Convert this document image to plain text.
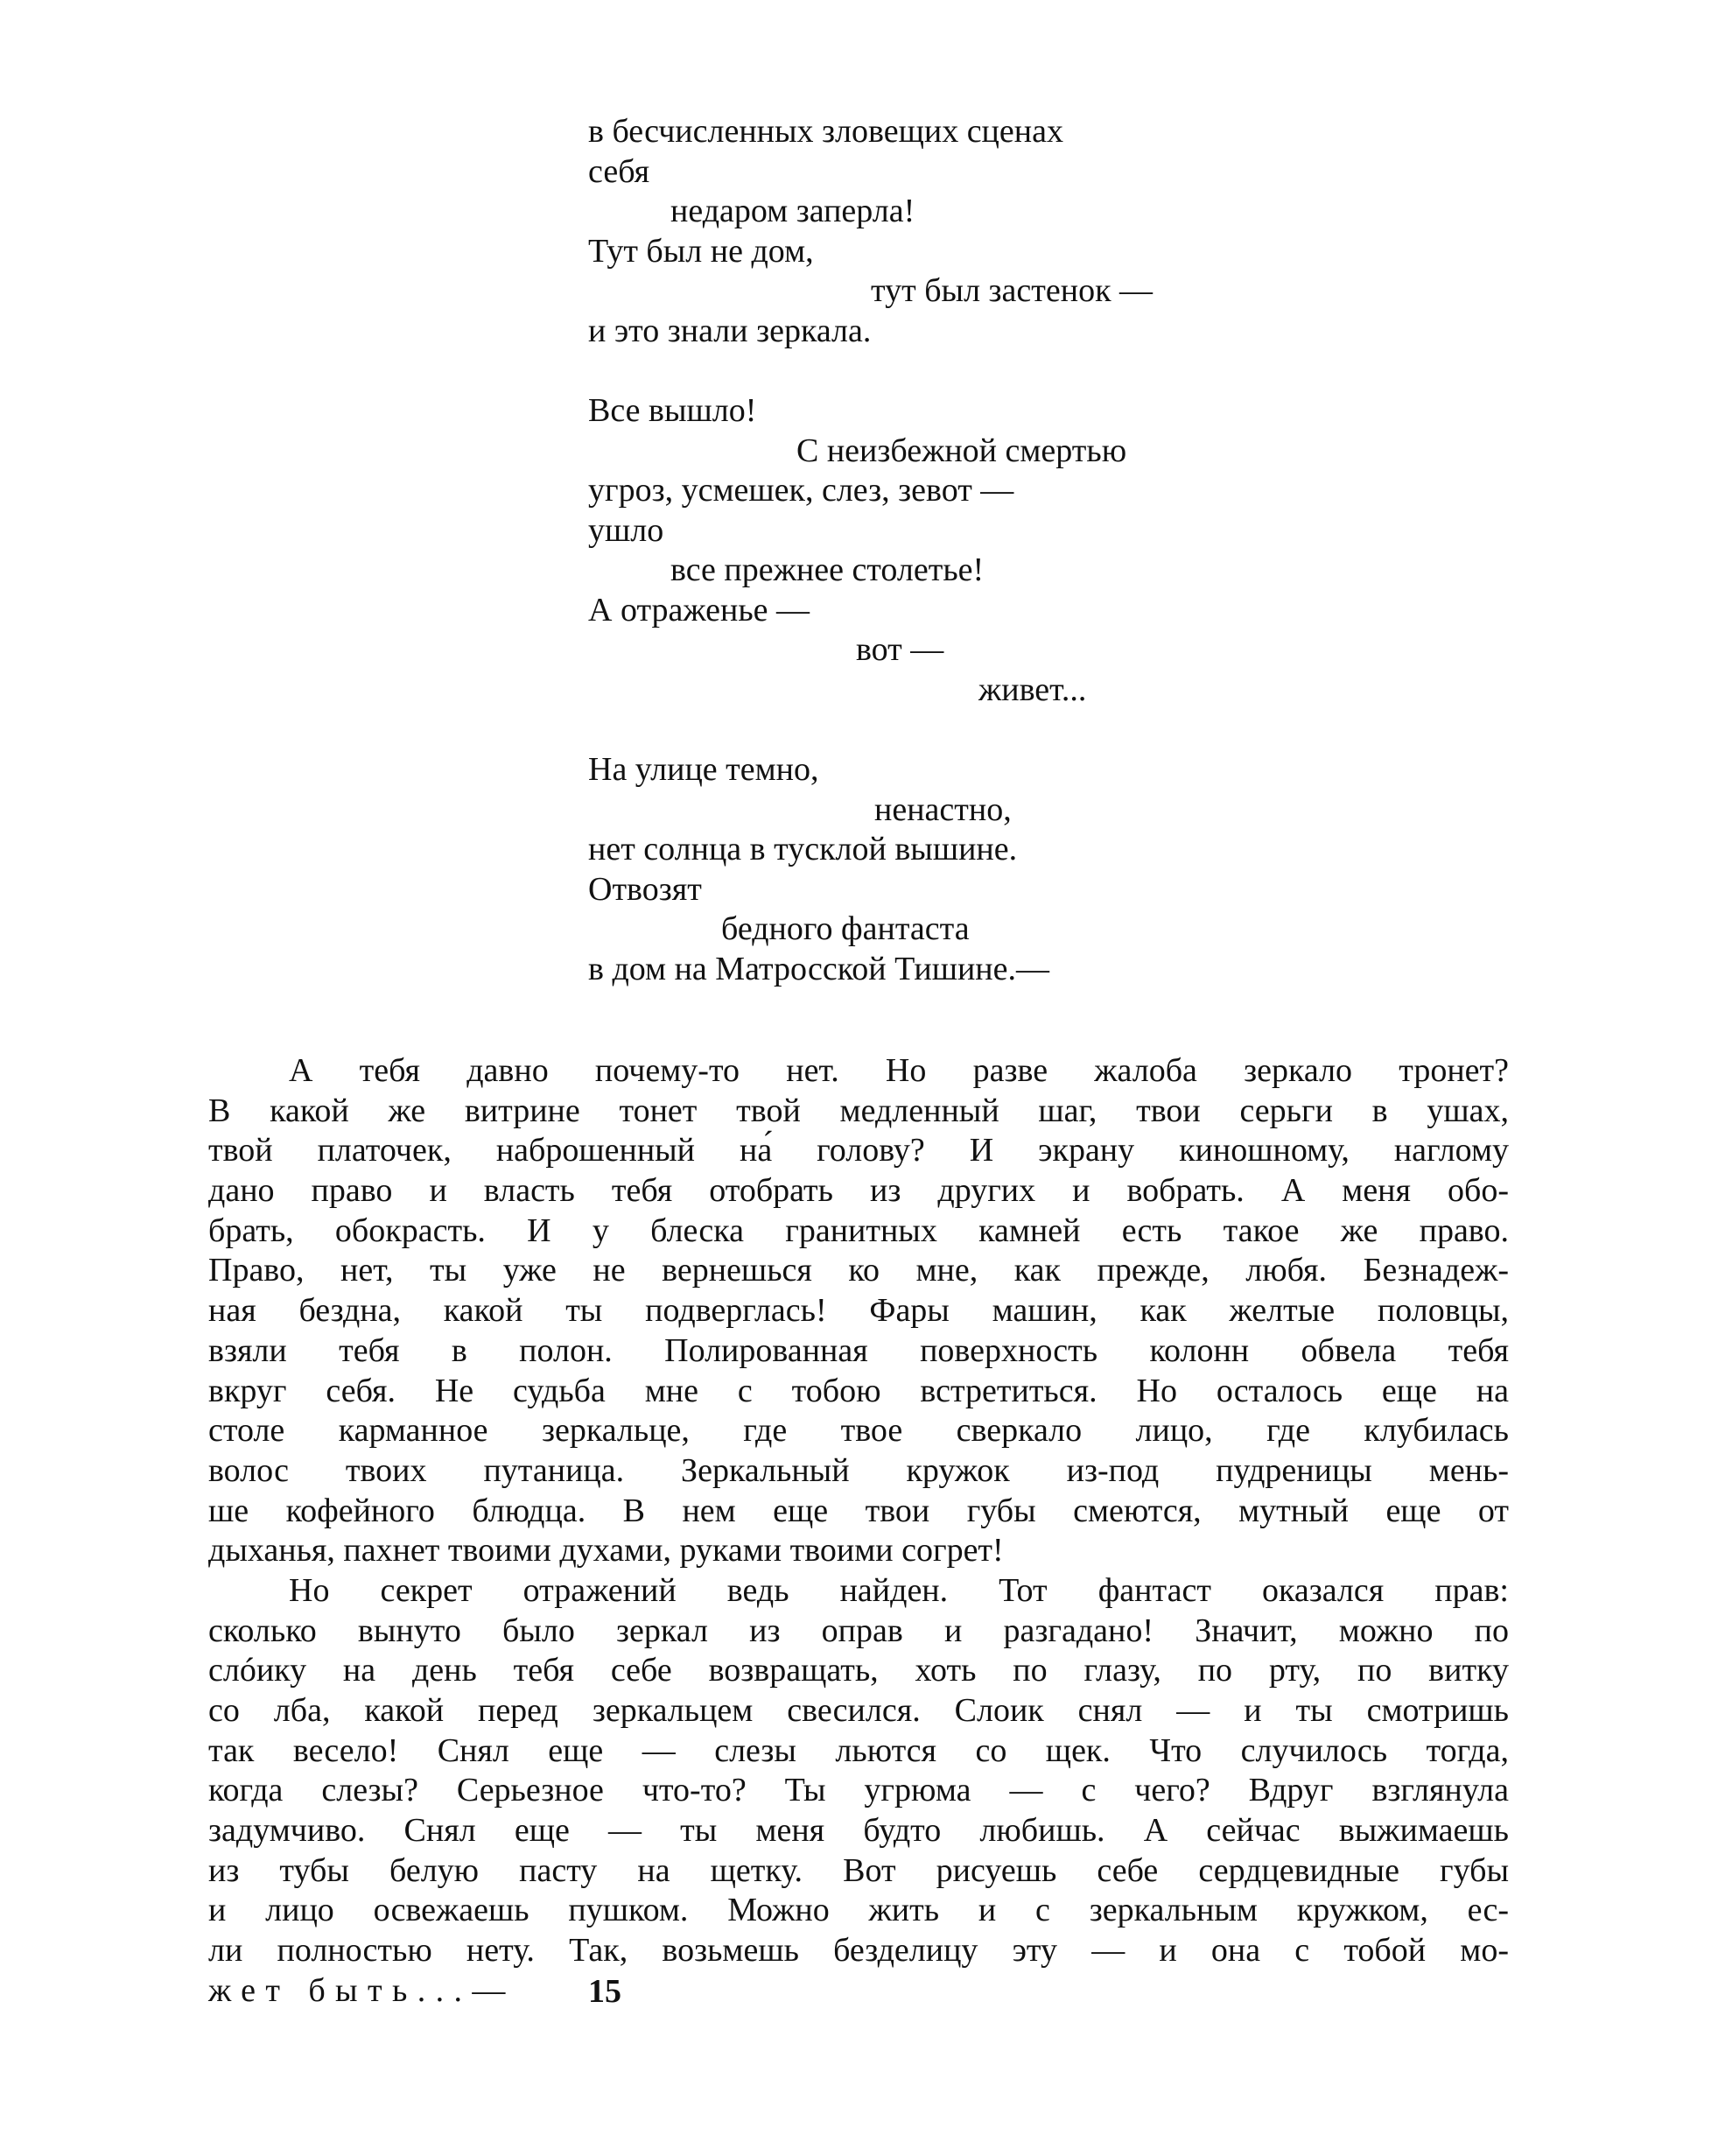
в бесчисленных зловещих сценах
себя
недаром заперла!
Тут был не дом,
тут был застенок —
и это знали зеркала.
Все вышло!
С неизбежной смертью
угроз, усмешек, слез, зевот —
ушло
все прежнее столетье!
А отраженье —
вот —
живет...
На улице темно,
ненастно,
нет солнца в тусклой вышине.
Отвозят
бедного фантаста
в дом на Матросской Тишине.—
А тебя давно почему-то нет. Но разве жалоба зеркало тронет?
В какой же витрине тонет твой медленный шаг, твои серьги в ушах,
твой платочек, наброшенный на́ голову? И экрану киношному, наглому
дано право и власть тебя отобрать из других и вобрать. А меня обо-
брать, обокрасть. И у блеска гранитных камней есть такое же право.
Право, нет, ты уже не вернешься ко мне, как прежде, любя. Безнадеж-
ная бездна, какой ты подверглась! Фары машин, как желтые половцы,
взяли тебя в полон. Полированная поверхность колонн обвела тебя
вкруг себя. Не судьба мне с тобою встретиться. Но осталось еще на
столе карманное зеркальце, где твое сверкало лицо, где клубилась
волос твоих путаница. Зеркальный кружок из-под пудреницы мень-
ше кофейного блюдца. В нем еще твои губы смеются, мутный еще от
дыханья, пахнет твоими духами, руками твоими согрет!
Но секрет отражений ведь найден. Тот фантаст оказался прав:
сколько вынуто было зеркал из оправ и разгадано! Значит, можно по
слóику на день тебя себе возвращать, хоть по глазу, по рту, по витку
со лба, какой перед зеркальцем свесился. Слоик снял — и ты смотришь
так весело! Снял еще — слезы льются со щек. Что случилось тогда,
когда слезы? Серьезное что-то? Ты угрюма — с чего? Вдруг взглянула
задумчиво. Снял еще — ты меня будто любишь. А сейчас выжимаешь
из тубы белую пасту на щетку. Вот рисуешь себе сердцевидные губы
и лицо освежаешь пушком. Можно жить и с зеркальным кружком, ес-
ли полностью нету. Так, возьмешь безделицу эту — и она с тобой мо-
жет быть...—	15
